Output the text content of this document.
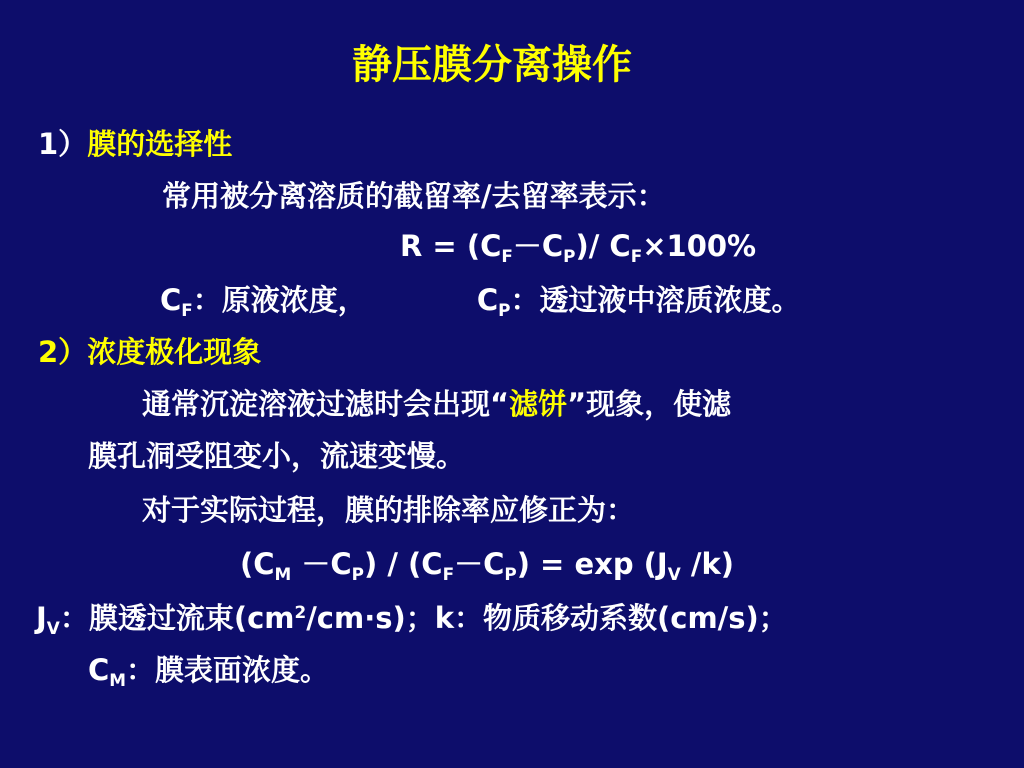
静压膜分离操作
1）膜的选择性
常用被分离溶质的截留率/去留率表示：
$R = (C_F-C_P)/$ $C_F\times 100\%$
$C_F$：原液浓度，	$C_P$：透过液中溶质浓度。
2）浓度极化现象
通常沉淀溶液过滤时会出现“滤饼”现象，使滤
膜孔洞受阻变小，流速变慢。
对于实际过程，膜的排除率应修正为：
$(C_M -C_P) / (C_F-C_P) = \exp (J_V$ /k)
$J_V$：膜透过流束$(cm^2/cm\cdot s)$；k：物质移动系数(cm/s)；
$C_M$：膜表面浓度。
